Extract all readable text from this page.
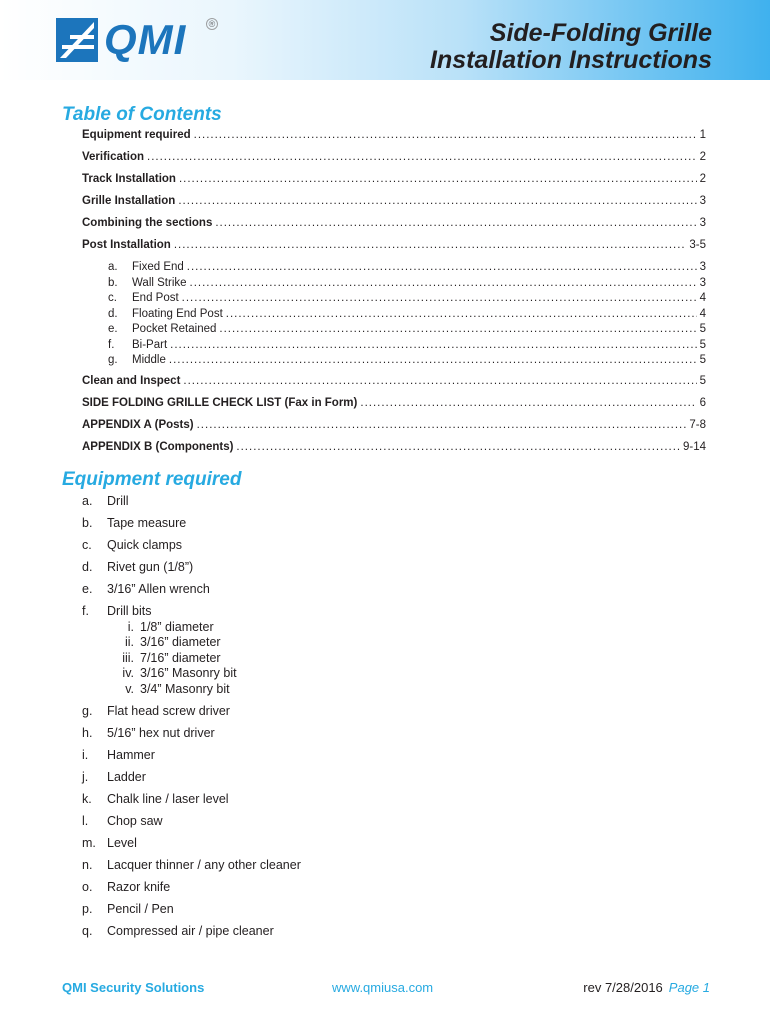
QMI ®	Side-Folding Grille
Installation Instructions
Table of Contents
Equipment required .....	1
Verification .....	2
Track Installation .....	2
Grille Installation .....	3
Combining the sections .....	3
Post Installation .....	3-5
a. Fixed End .....	3
b. Wall Strike .....	3
c. End Post .....	4
d. Floating End Post .....	4
e. Pocket Retained .....	5
f. Bi-Part .....	5
g. Middle .....	5
Clean and Inspect .....	5
SIDE FOLDING GRILLE CHECK LIST (Fax in Form) .....	6
APPENDIX A (Posts) .....	7-8
APPENDIX B (Components) .....	9-14
Equipment required
a. Drill
b. Tape measure
c. Quick clamps
d. Rivet gun (1/8”)
e. 3/16” Allen wrench
f. Drill bits
i. 1/8” diameter
ii. 3/16” diameter
iii. 7/16” diameter
iv. 3/16” Masonry bit
v. 3/4” Masonry bit
g. Flat head screw driver
h. 5/16” hex nut driver
i. Hammer
j. Ladder
k. Chalk line / laser level
l. Chop saw
m. Level
n. Lacquer thinner / any other cleaner
o. Razor knife
p. Pencil / Pen
q. Compressed air / pipe cleaner
QMI Security Solutions	www.qmiusa.com	rev 7/28/2016 Page 1
